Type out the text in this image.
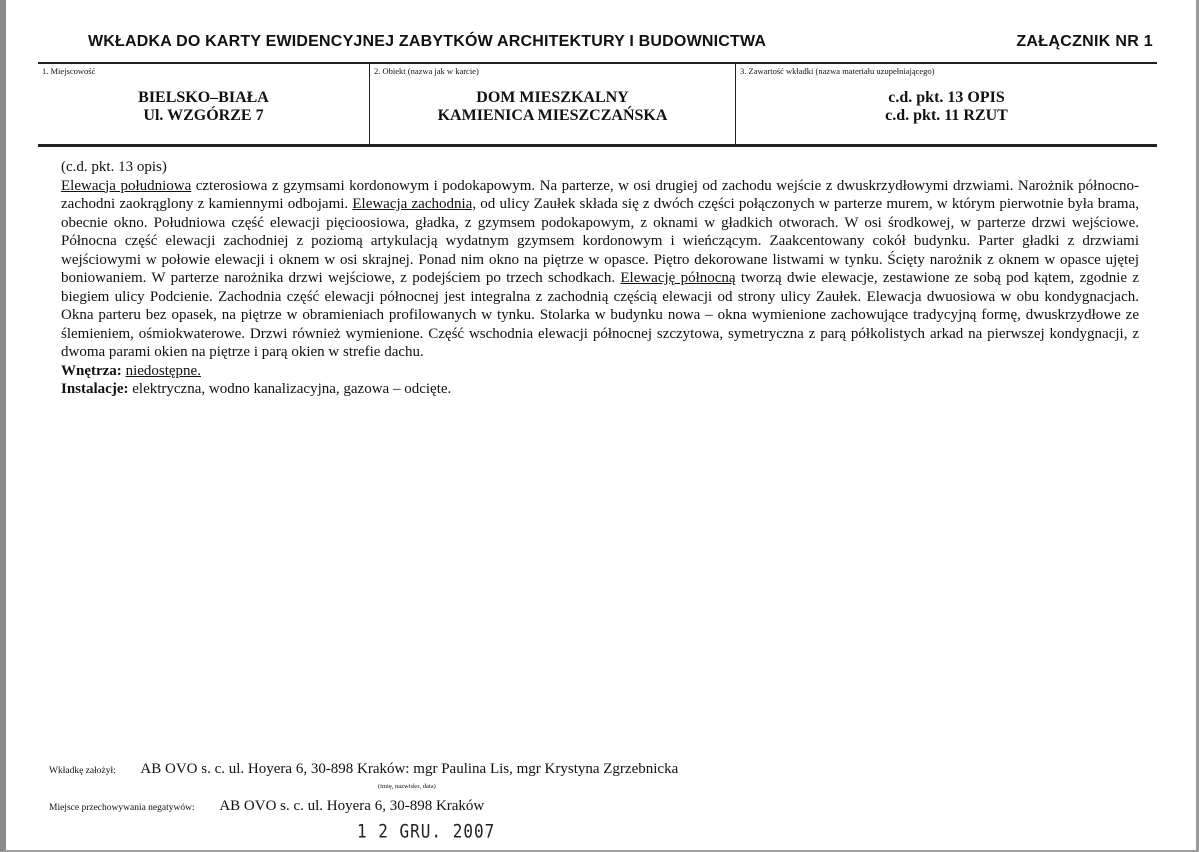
WKŁADKA DO KARTY EWIDENCYJNEJ ZABYTKÓW ARCHITEKTURY I BUDOWNICTWA	ZAŁĄCZNIK NR 1
1. Miejscowość
BIELSKO–BIAŁA
Ul. WZGÓRZE 7
2. Obiekt (nazwa jak w karcie)
DOM MIESZKALNY
KAMIENICA MIESZCZAŃSKA
3. Zawartość wkładki (nazwa materiału uzupełniającego)
c.d. pkt. 13 OPIS
c.d. pkt. 11 RZUT

(c.d. pkt. 13 opis)

Elewacja południowa czterosiowa z gzymsami kordonowym i podokapowym. Na parterze, w osi drugiej od zachodu wejście z dwuskrzydłowymi drzwiami. Narożnik północno-zachodni zaokrąglony z kamiennymi odbojami. Elewacja zachodnia, od ulicy Zaułek składa się z dwóch części połączonych w parterze murem, w którym pierwotnie była brama, obecnie okno. Południowa część elewacji pięcioosiowa, gładka, z gzymsem podokapowym, z oknami w gładkich otworach. W osi środkowej, w parterze drzwi wejściowe. Północna część elewacji zachodniej z poziomą artykulacją wydatnym gzymsem kordonowym i wieńczącym. Zaakcentowany cokół budynku. Parter gładki z drzwiami wejściowymi w połowie elewacji i oknem w osi skrajnej. Ponad nim okno na piętrze w opasce. Piętro dekorowane listwami w tynku. Ścięty narożnik z oknem w opasce ujętej boniowaniem. W parterze narożnika drzwi wejściowe, z podejściem po trzech schodkach. Elewację północną tworzą dwie elewacje, zestawione ze sobą pod kątem, zgodnie z biegiem ulicy Podcienie. Zachodnia część elewacji północnej jest integralna z zachodnią częścią elewacji od strony ulicy Zaułek. Elewacja dwuosiowa w obu kondygnacjach. Okna parteru bez opasek, na piętrze w obramieniach profilowanych w tynku. Stolarka w budynku nowa – okna wymienione zachowujące tradycyjną formę, dwuskrzydłowe ze ślemieniem, ośmiokwaterowe. Drzwi również wymienione. Część wschodnia elewacji północnej szczytowa, symetryczna z parą półkolistych arkad na pierwszej kondygnacji, z dwoma parami okien na piętrze i parą okien w strefie dachu.

Wnętrza: niedostępne.

Instalacje: elektryczna, wodno kanalizacyjna, gazowa – odcięte.

Wkładkę założył: AB OVO s. c. ul. Hoyera 6, 30-898 Kraków: mgr Paulina Lis, mgr Krystyna Zgrzebnicka
(imię, nazwisko, data)
Miejsce przechowywania negatywów: AB OVO s. c. ul. Hoyera 6, 30-898 Kraków
1 2 GRU. 2007
